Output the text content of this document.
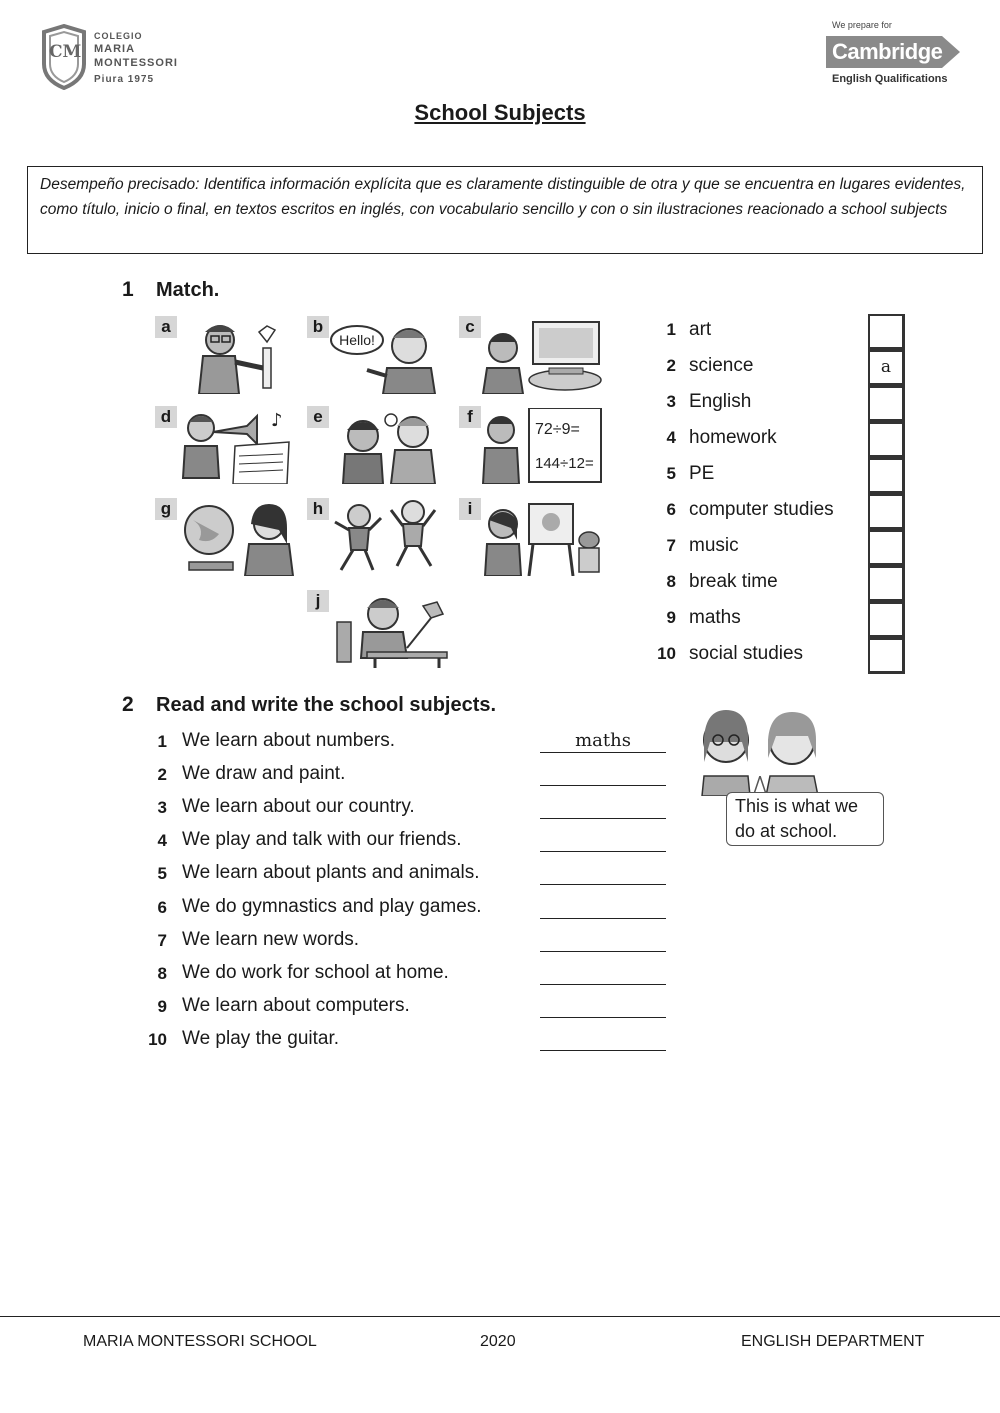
CM
COLEGIO
MARIA
MONTESSORI
Piura 1975
We prepare for
Cambridge
English Qualifications
School Subjects
Desempeño precisado: Identifica información explícita que es claramente distinguible de otra y que se encuentra en lugares evidentes, como título, inicio o final, en textos escritos en inglés, con vocabulario sencillo y con o sin ilustraciones reacionado a school subjects
1 Match.
a	b
Hello!
c
d	♪	e	f
72÷9=
144÷12=
g	h	i
j
1 art
2 science	a
3 English
4 homework
5 PE
6 computer studies
7 music
8 break time
9 maths
10 social studies
2 Read and write the school subjects.
1 We learn about numbers.	maths
2 We draw and paint.
3 We learn about our country.
4 We play and talk with our friends.
5 We learn about plants and animals.
6 We do gymnastics and play games.
7 We learn new words.
8 We do work for school at home.
9 We learn about computers.
10 We play the guitar.
This is what we
do at school.
MARIA MONTESSORI SCHOOL	2020	ENGLISH DEPARTMENT
